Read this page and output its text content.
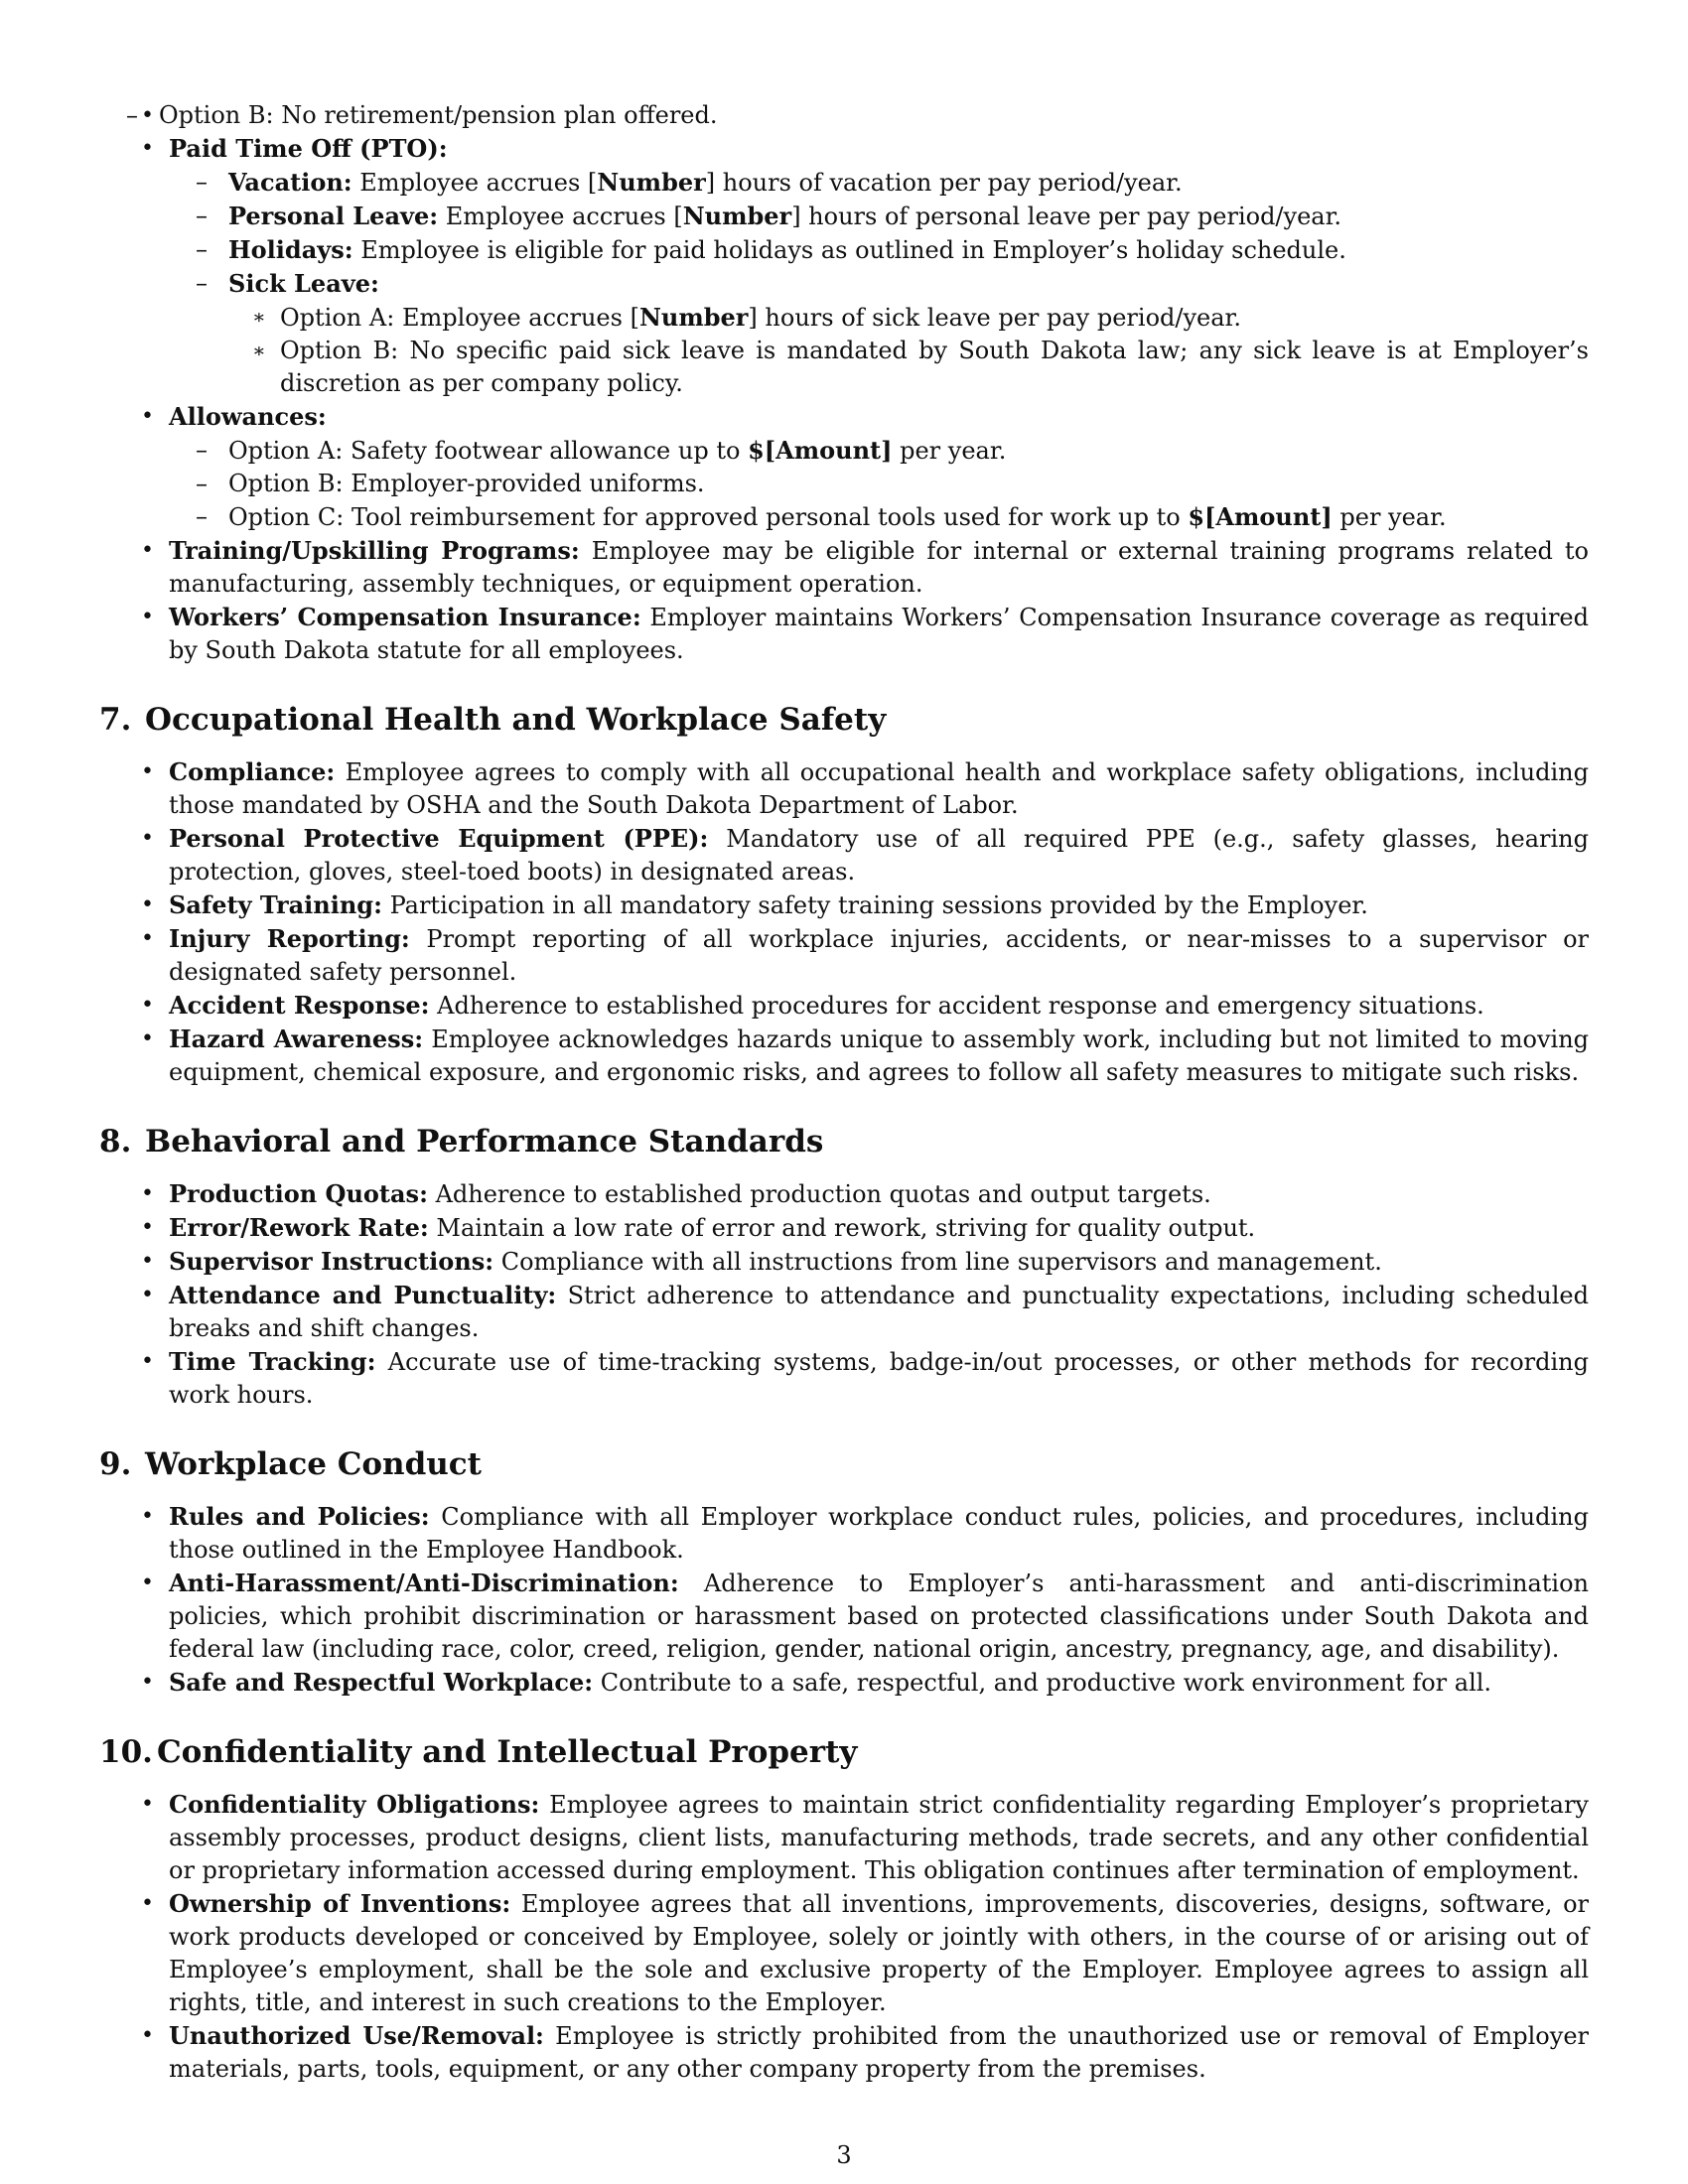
– • Option B: No retirement/pension plan offered.
• Paid Time Off (PTO):
– Vacation: Employee accrues [Number] hours of vacation per pay period/year.
– Personal Leave: Employee accrues [Number] hours of personal leave per pay period/year.
– Holidays: Employee is eligible for paid holidays as outlined in Employer’s holiday schedule.
– Sick Leave:
∗ Option A: Employee accrues [Number] hours of sick leave per pay period/year.
∗ Option B: No specific paid sick leave is mandated by South Dakota law; any sick leave is at Employer’s discretion as per company policy.
• Allowances:
– Option A: Safety footwear allowance up to $[Amount] per year.
– Option B: Employer-provided uniforms.
– Option C: Tool reimbursement for approved personal tools used for work up to $[Amount] per year.
• Training/Upskilling Programs: Employee may be eligible for internal or external training programs related to manufacturing, assembly techniques, or equipment operation.
• Workers’ Compensation Insurance: Employer maintains Workers’ Compensation Insurance coverage as required by South Dakota statute for all employees.
7. Occupational Health and Workplace Safety
• Compliance: Employee agrees to comply with all occupational health and workplace safety obligations, including those mandated by OSHA and the South Dakota Department of Labor.
• Personal Protective Equipment (PPE): Mandatory use of all required PPE (e.g., safety glasses, hearing protection, gloves, steel-toed boots) in designated areas.
• Safety Training: Participation in all mandatory safety training sessions provided by the Employer.
• Injury Reporting: Prompt reporting of all workplace injuries, accidents, or near-misses to a supervisor or designated safety personnel.
• Accident Response: Adherence to established procedures for accident response and emergency situations.
• Hazard Awareness: Employee acknowledges hazards unique to assembly work, including but not limited to moving equipment, chemical exposure, and ergonomic risks, and agrees to follow all safety measures to mitigate such risks.
8. Behavioral and Performance Standards
• Production Quotas: Adherence to established production quotas and output targets.
• Error/Rework Rate: Maintain a low rate of error and rework, striving for quality output.
• Supervisor Instructions: Compliance with all instructions from line supervisors and management.
• Attendance and Punctuality: Strict adherence to attendance and punctuality expectations, including scheduled breaks and shift changes.
• Time Tracking: Accurate use of time-tracking systems, badge-in/out processes, or other methods for recording work hours.
9. Workplace Conduct
• Rules and Policies: Compliance with all Employer workplace conduct rules, policies, and procedures, including those outlined in the Employee Handbook.
• Anti-Harassment/Anti-Discrimination: Adherence to Employer’s anti-harassment and anti-discrimination policies, which prohibit discrimination or harassment based on protected classifications under South Dakota and federal law (including race, color, creed, religion, gender, national origin, ancestry, pregnancy, age, and disability).
• Safe and Respectful Workplace: Contribute to a safe, respectful, and productive work environment for all.
10. Confidentiality and Intellectual Property
• Confidentiality Obligations: Employee agrees to maintain strict confidentiality regarding Employer’s proprietary assembly processes, product designs, client lists, manufacturing methods, trade secrets, and any other confidential or proprietary information accessed during employment. This obligation continues after termination of employment.
• Ownership of Inventions: Employee agrees that all inventions, improvements, discoveries, designs, software, or work products developed or conceived by Employee, solely or jointly with others, in the course of or arising out of Employee’s employment, shall be the sole and exclusive property of the Employer. Employee agrees to assign all rights, title, and interest in such creations to the Employer.
• Unauthorized Use/Removal: Employee is strictly prohibited from the unauthorized use or removal of Employer materials, parts, tools, equipment, or any other company property from the premises.
3
